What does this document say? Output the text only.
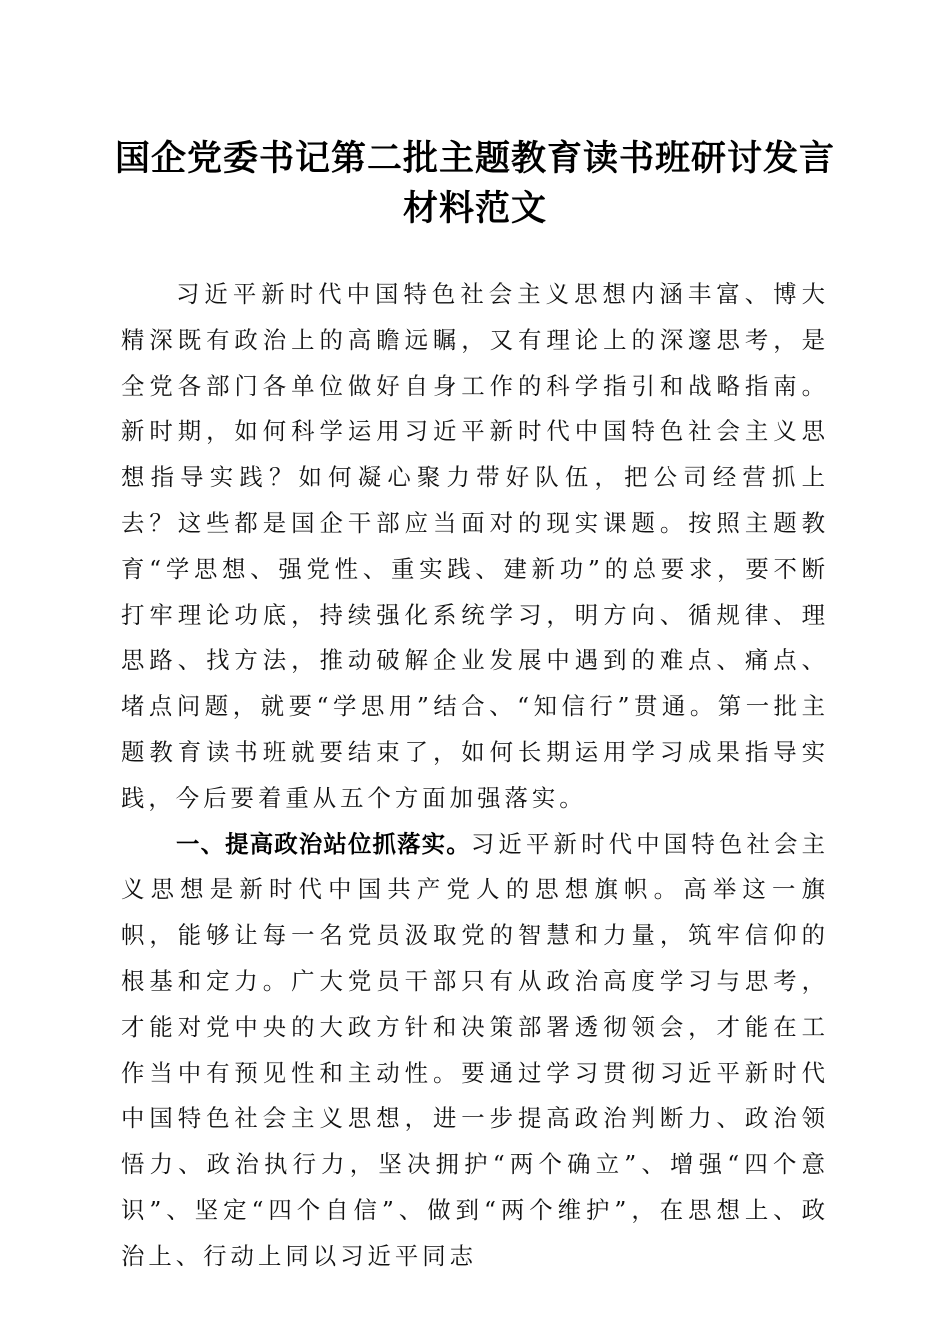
国企党委书记第二批主题教育读书班研讨发言
材料范文

习近平新时代中国特色社会主义思想内涵丰富、博大精深既有政治上的高瞻远瞩，又有理论上的深邃思考，是全党各部门各单位做好自身工作的科学指引和战略指南。新时期，如何科学运用习近平新时代中国特色社会主义思想指导实践？如何凝心聚力带好队伍，把公司经营抓上去？这些都是国企干部应当面对的现实课题。按照主题教育“学思想、强党性、重实践、建新功”的总要求，要不断打牢理论功底，持续强化系统学习，明方向、循规律、理思路、找方法，推动破解企业发展中遇到的难点、痛点、堵点问题，就要“学思用”结合、“知信行”贯通。第一批主题教育读书班就要结束了，如何长期运用学习成果指导实践，今后要着重从五个方面加强落实。

一、提高政治站位抓落实。习近平新时代中国特色社会主义思想是新时代中国共产党人的思想旗帜。高举这一旗帜，能够让每一名党员汲取党的智慧和力量，筑牢信仰的根基和定力。广大党员干部只有从政治高度学习与思考，才能对党中央的大政方针和决策部署透彻领会，才能在工作当中有预见性和主动性。要通过学习贯彻习近平新时代中国特色社会主义思想，进一步提高政治判断力、政治领悟力、政治执行力，坚决拥护“两个确立”、增强“四个意识”、坚定“四个自信”、做到“两个维护”，在思想上、政治上、行动上同以习近平同志
